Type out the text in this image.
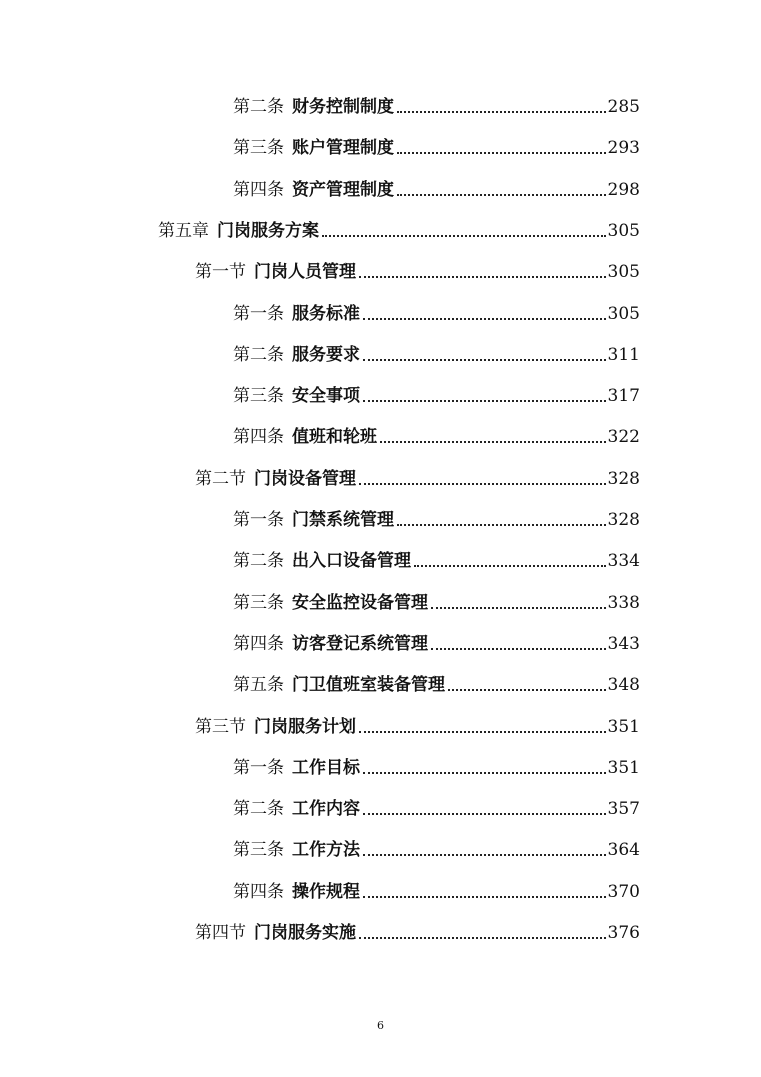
第二条 财务控制制度	285
第三条 账户管理制度	293
第四条 资产管理制度	298
第五章 门岗服务方案	305
第一节 门岗人员管理	305
第一条 服务标准	305
第二条 服务要求	311
第三条 安全事项	317
第四条 值班和轮班	322
第二节 门岗设备管理	328
第一条 门禁系统管理	328
第二条 出入口设备管理	334
第三条 安全监控设备管理	338
第四条 访客登记系统管理	343
第五条 门卫值班室装备管理	348
第三节 门岗服务计划	351
第一条 工作目标	351
第二条 工作内容	357
第三条 工作方法	364
第四条 操作规程	370
第四节 门岗服务实施	376
6
